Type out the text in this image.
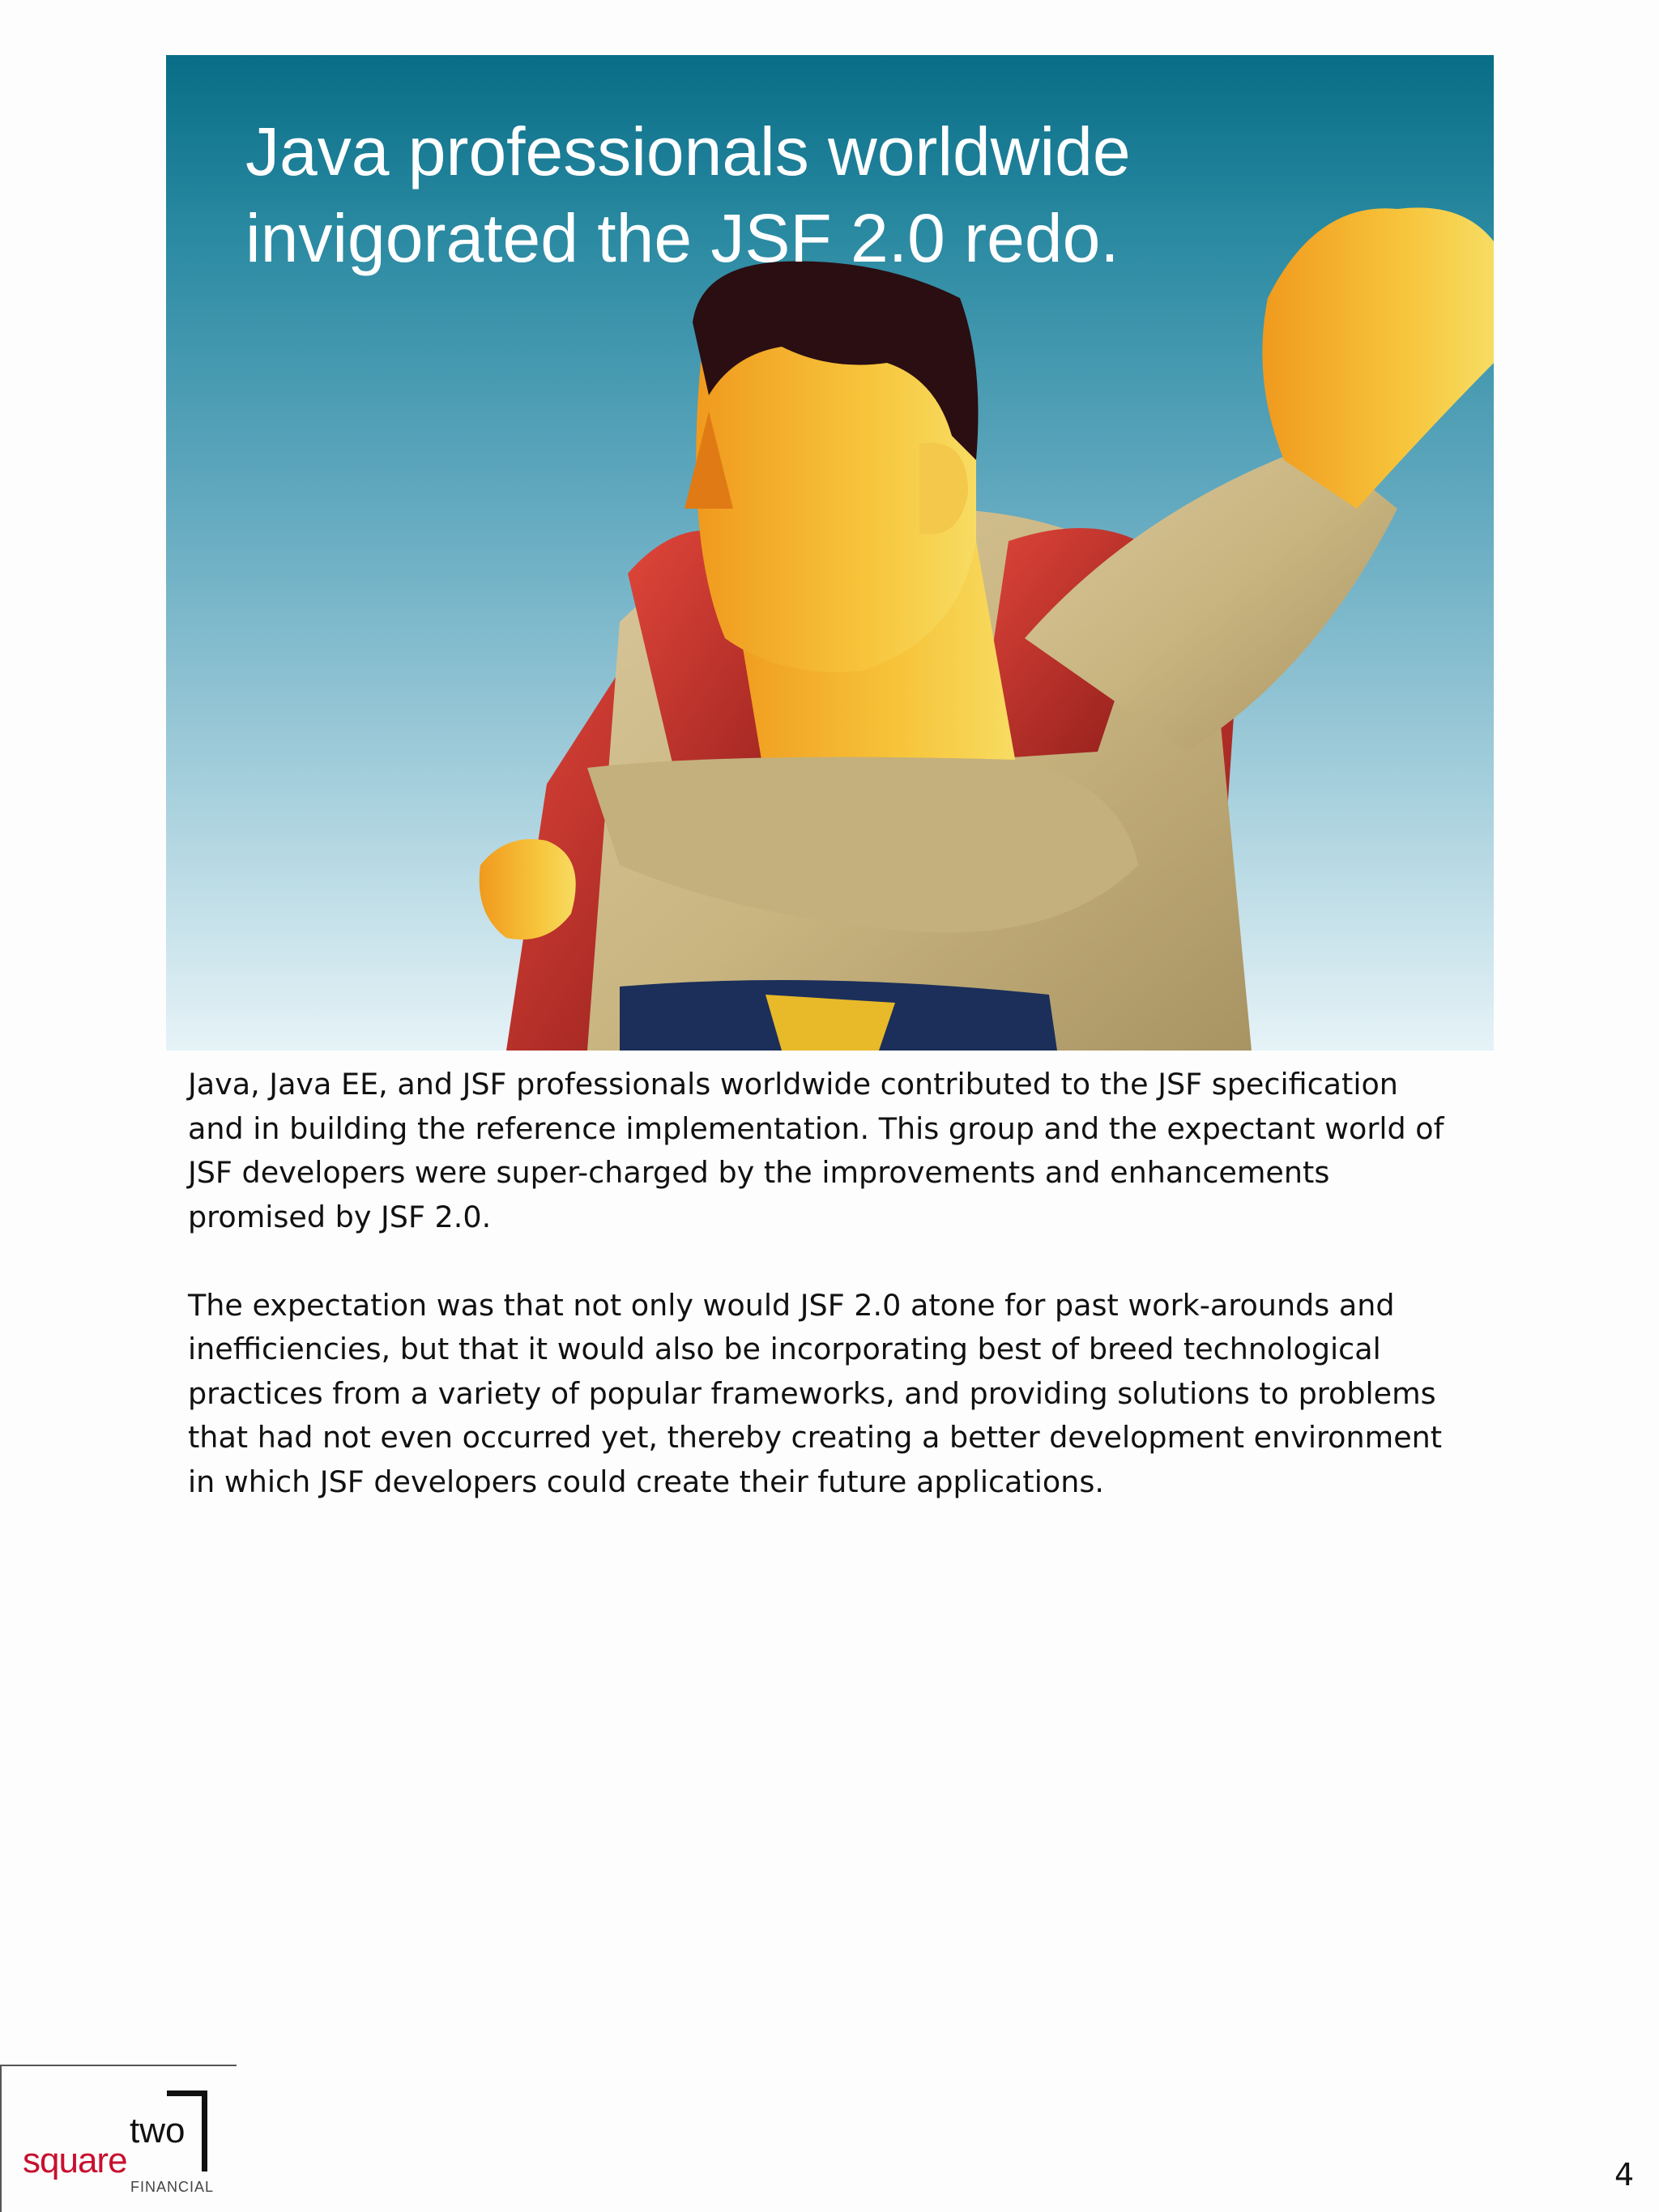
Java professionals worldwide
invigorated the JSF 2.0 redo.

Java, Java EE, and JSF professionals worldwide contributed to the JSF specification
and in building the reference implementation. This group and the expectant world of
JSF developers were super-charged by the improvements and enhancements
promised by JSF 2.0.

The expectation was that not only would JSF 2.0 atone for past work-arounds and
inefficiencies, but that it would also be incorporating best of breed technological
practices from a variety of popular frameworks, and providing solutions to problems
that had not even occurred yet, thereby creating a better development environment
in which JSF developers could create their future applications.

square
two
FINANCIAL	4
